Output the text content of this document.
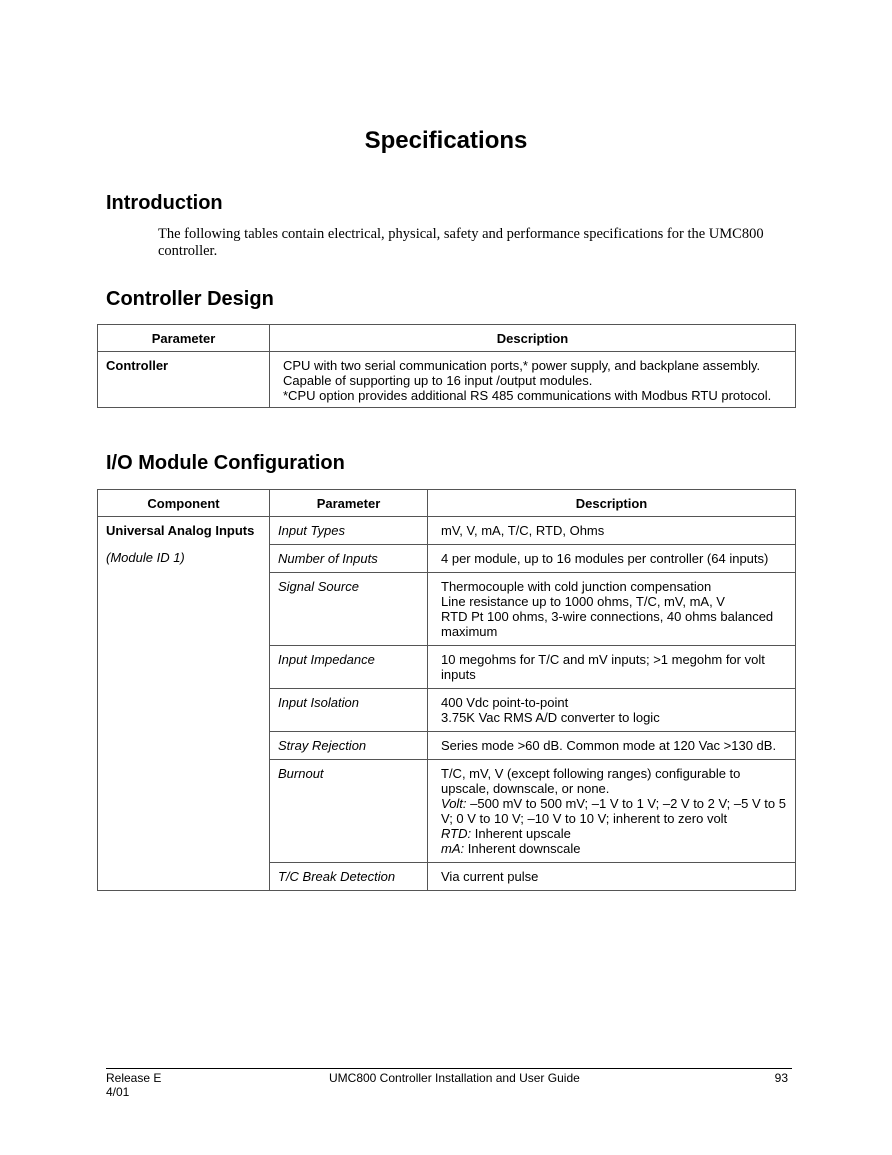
Specifications
Introduction

The following tables contain electrical, physical, safety and performance specifications for the UMC800 controller.

Controller Design
Parameter	Description
Controller	CPU with two serial communication ports,* power supply, and backplane assembly. Capable of supporting up to 16 input /output modules.

*CPU option provides additional RS 485 communications with Modbus RTU protocol.

I/O Module Configuration
Component	Parameter	Description

Universal Analog Inputs

(Module ID 1)	Input Types	mV, V, mA, T/C, RTD, Ohms
	Number of Inputs	4 per module, up to 16 modules per controller (64 inputs)
	Signal Source	Thermocouple with cold junction compensation

Line resistance up to 1000 ohms, T/C, mV, mA, V

RTD Pt 100 ohms, 3-wire connections, 40 ohms balanced maximum

	Input Impedance	10 megohms for T/C and mV inputs; >1 megohm for volt inputs
	Input Isolation	400 Vdc point-to-point

3.75K Vac RMS A/D converter to logic

	Stray Rejection	Series mode >60 dB. Common mode at 120 Vac >130 dB.
	Burnout	T/C, mV, V (except following ranges) configurable to upscale, downscale, or none.

Volt: –500 mV to 500 mV; –1 V to 1 V; –2 V to 2 V; –5 V to 5 V; 0 V to 10 V; –10 V to 10 V; inherent to zero volt

RTD: Inherent upscale

mA: Inherent downscale

	T/C Break Detection	Via current pulse
Release E
4/01
UMC800 Controller Installation and User Guide	93
